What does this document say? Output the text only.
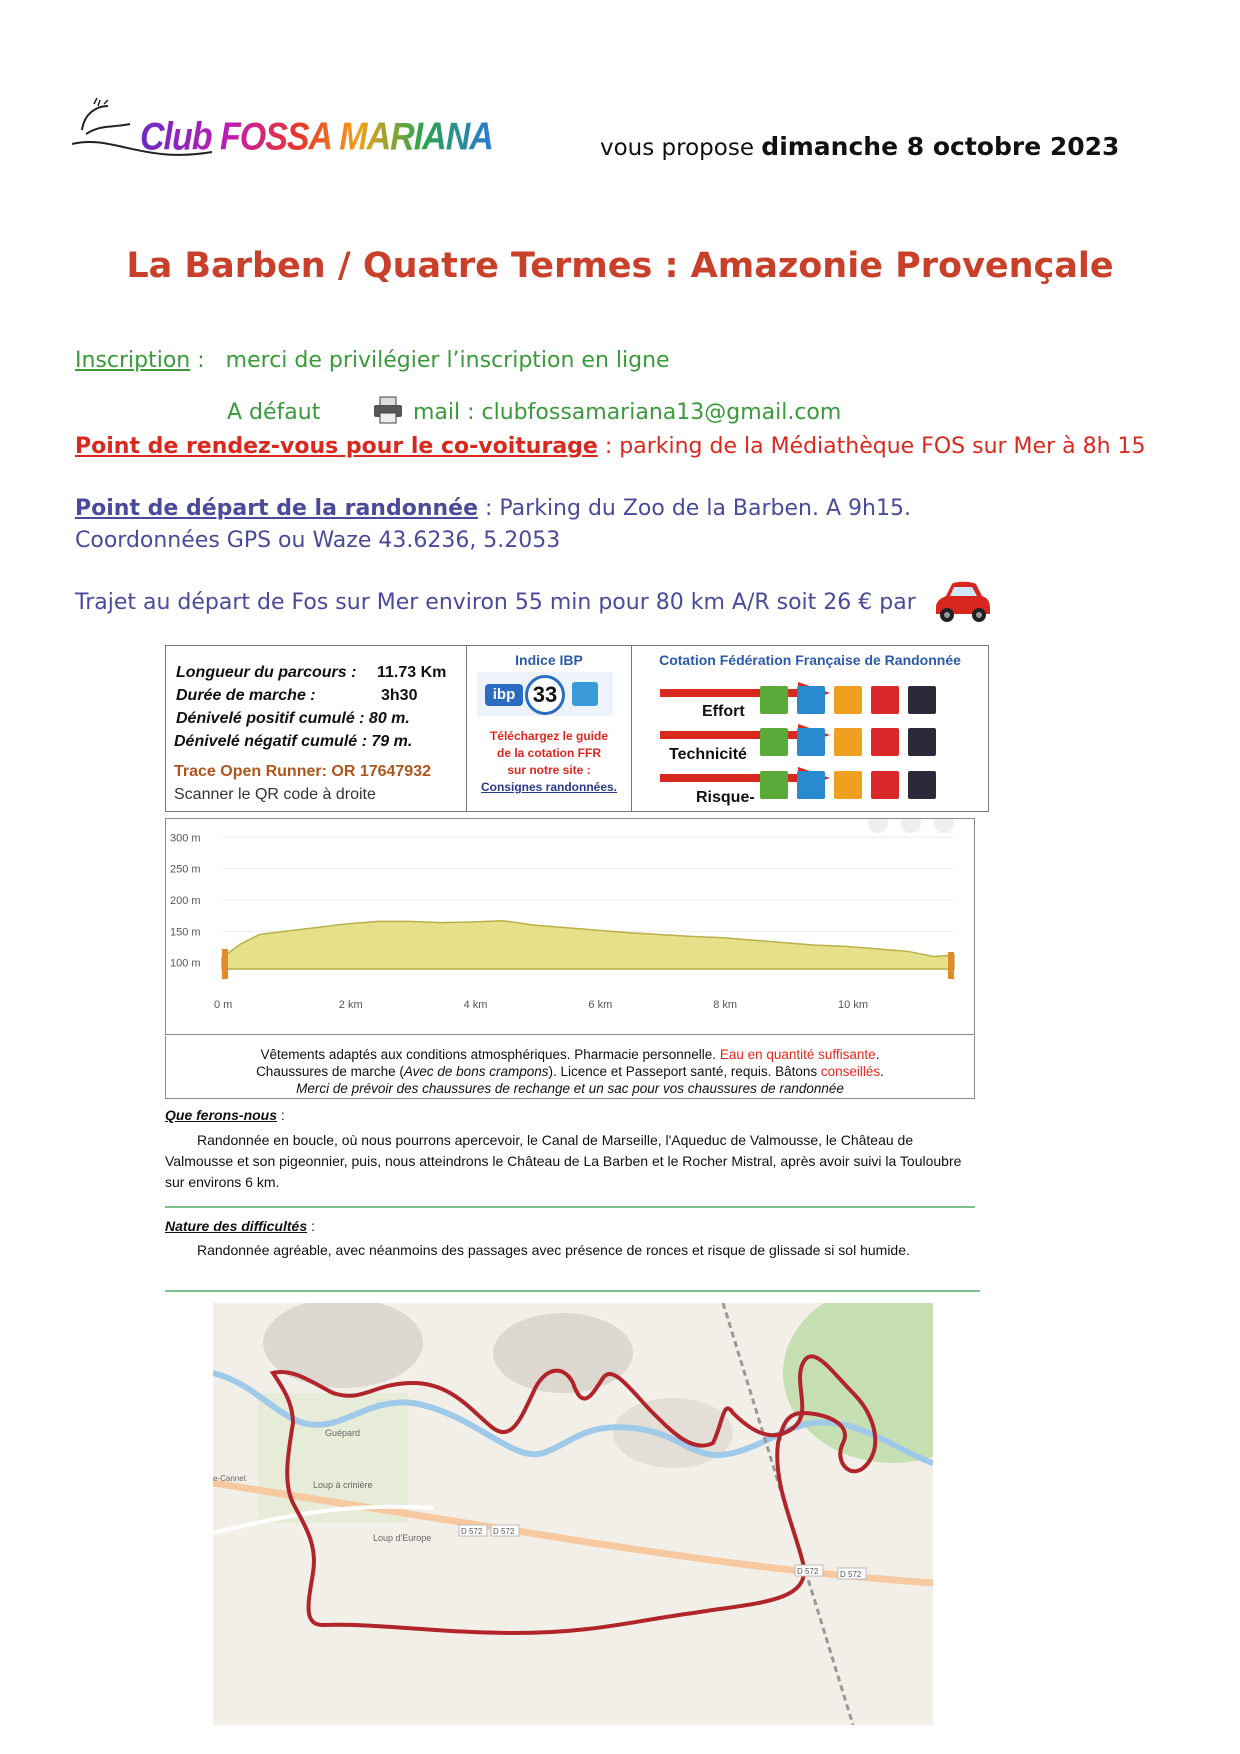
Club FOSSA MARIANA	vous propose dimanche 8 octobre 2023
La Barben / Quatre Termes : Amazonie Provençale
Inscription :   merci de privilégier l’inscription en ligne
A défaut	mail : clubfossamariana13@gmail.com
Point de rendez-vous pour le co-voiturage : parking de la Médiathèque FOS sur Mer à 8h 15
Point de départ de la randonnée : Parking du Zoo de la Barben. A 9h15.
Coordonnées GPS ou Waze 43.6236, 5.2053
Trajet au départ de Fos sur Mer environ 55 min pour 80 km A/R soit 26 € par
Longueur du parcours : 11.73 Km
Durée de marche :	3h30
Dénivelé positif cumulé : 80 m.
Dénivelé négatif cumulé : 79 m.
Trace Open Runner: OR 17647932
Scanner le QR code à droite
Indice IBP
ibp 33
Téléchargez le guide
de la cotation FFR
sur notre site :
Consignes randonnées.
Cotation Fédération Française de Randonnée
Effort
Technicité
Risque-
300 m
250 m
200 m
150 m
100 m
0 m	2 km	4 km	6 km	8 km	10 km
Vêtements adaptés aux conditions atmosphériques. Pharmacie personnelle. Eau en quantité suffisante.
Chaussures de marche (Avec de bons crampons). Licence et Passeport santé, requis. Bâtons conseillés.
Merci de prévoir des chaussures de rechange et un sac pour vos chaussures de randonnée
Que ferons-nous :
Randonnée en boucle, où nous pourrons apercevoir, le Canal de Marseille, l'Aqueduc de Valmousse, le Château de Valmousse et son pigeonnier, puis, nous atteindrons le Château de La Barben et le Rocher Mistral, après avoir suivi la Touloubre sur environs 6 km.
Nature des difficultés :
Randonnée agréable, avec néanmoins des passages avec présence de ronces et risque de glissade si sol humide.
Guépard
Loup à crinière
Loup d'Europe
e-Cannet
D 572 D 572
D 572	D 572
